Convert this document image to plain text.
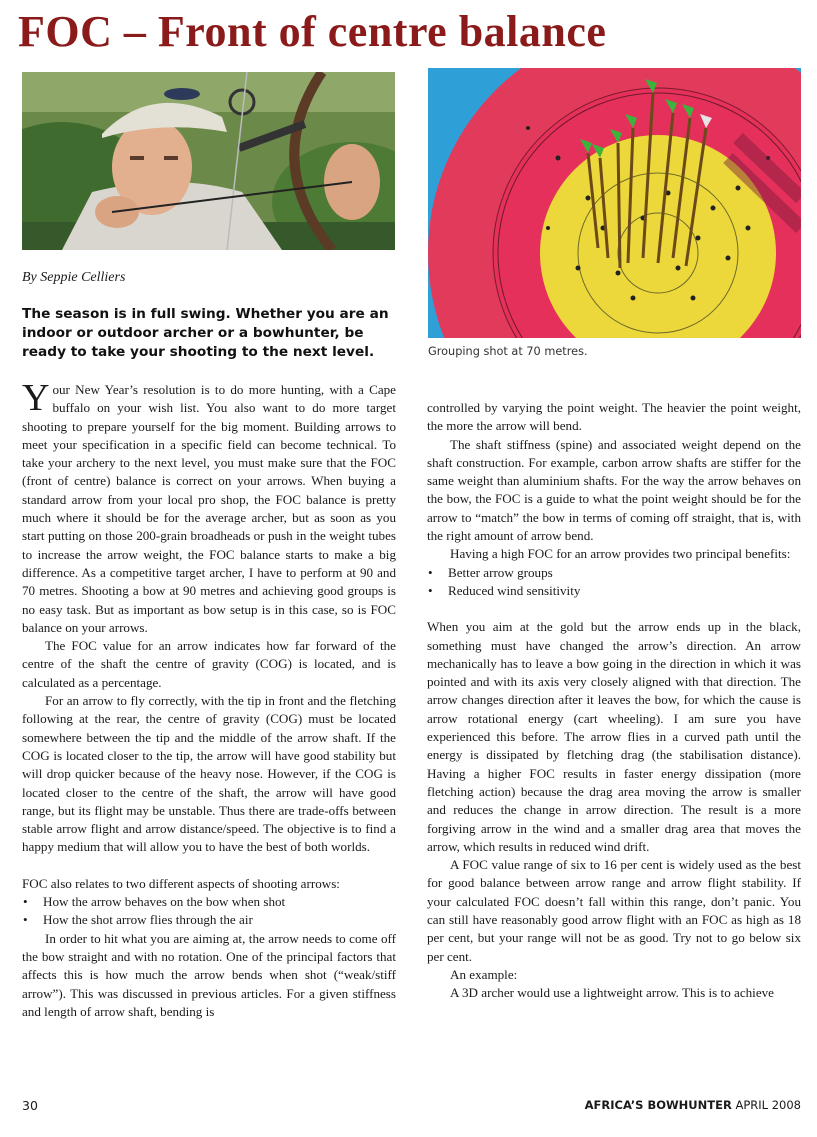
FOC – Front of centre balance
By Seppie Celliers
The season is in full swing. Whether you are an indoor or outdoor archer or a bowhunter, be ready to take your shooting to the next level.	Grouping shot at 70 metres.

Your New Year’s resolution is to do more hunting, with a Cape buffalo on your wish list. You also want to do more target shooting to prepare yourself for the big moment. Building arrows to meet your specification in a specific field can become technical. To take your archery to the next level, you must make sure that the FOC (front of centre) balance is correct on your arrows. When buying a standard arrow from your local pro shop, the FOC balance is pretty much where it should be for the average archer, but as soon as you start putting on those 200-grain broadheads or push in the weight tubes to increase the arrow weight, the FOC balance starts to make a big difference. As a competitive target archer, I have to perform at 90 and 70 metres. Shooting a bow at 90 metres and achieving good groups is no easy task. But as important as bow setup is in this case, so is FOC balance on your arrows.

The FOC value for an arrow indicates how far forward of the centre of the shaft the centre of gravity (COG) is located, and is calculated as a percentage.

For an arrow to fly correctly, with the tip in front and the fletching following at the rear, the centre of gravity (COG) must be located somewhere between the tip and the middle of the arrow shaft. If the COG is located closer to the tip, the arrow will have good stability but will drop quicker because of the heavy nose. However, if the COG is located closer to the centre of the shaft, the arrow will have good range, but its flight may be unstable. Thus there are trade-offs between stable arrow flight and arrow distance/speed. The objective is to find a happy medium that will allow you to have the best of both worlds.

FOC also relates to two different aspects of shooting arrows:

• How the arrow behaves on the bow when shot
• How the shot arrow flies through the air

In order to hit what you are aiming at, the arrow needs to come off the bow straight and with no rotation. One of the principal factors that affects this is how much the arrow bends when shot (“weak/stiff arrow”). This was discussed in previous articles. For a given stiffness and length of arrow shaft, bending is

controlled by varying the point weight. The heavier the point weight, the more the arrow will bend.

The shaft stiffness (spine) and associated weight depend on the shaft construction. For example, carbon arrow shafts are stiffer for the same weight than aluminium shafts. For the way the arrow behaves on the bow, the FOC is a guide to what the point weight should be for the arrow to “match” the bow in terms of coming off straight, that is, with the right amount of arrow bend.

Having a high FOC for an arrow provides two principal benefits:

• Better arrow groups
• Reduced wind sensitivity

When you aim at the gold but the arrow ends up in the black, something must have changed the arrow’s direction. An arrow mechanically has to leave a bow going in the direction in which it was pointed and with its axis very closely aligned with that direction. The arrow changes direction after it leaves the bow, for which the cause is arrow rotational energy (cart wheeling). I am sure you have experienced this before. The arrow flies in a curved path until the energy is dissipated by fletching drag (the stabilisation distance). Having a higher FOC results in faster energy dissipation (more fletching action) because the drag area moving the arrow is smaller and reduces the change in arrow direction. The result is a more forgiving arrow in the wind and a smaller drag area that moves the arrow, which results in reduced wind drift.

A FOC value range of six to 16 per cent is widely used as the best for good balance between arrow range and arrow flight stability. If your calculated FOC doesn’t fall within this range, don’t panic. You can still have reasonably good arrow flight with an FOC as high as 18 per cent, but your range will not be as good. Try not to go below six per cent.

An example:

A 3D archer would use a lightweight arrow. This is to achieve

30	AFRICA’S BOWHUNTER APRIL 2008
